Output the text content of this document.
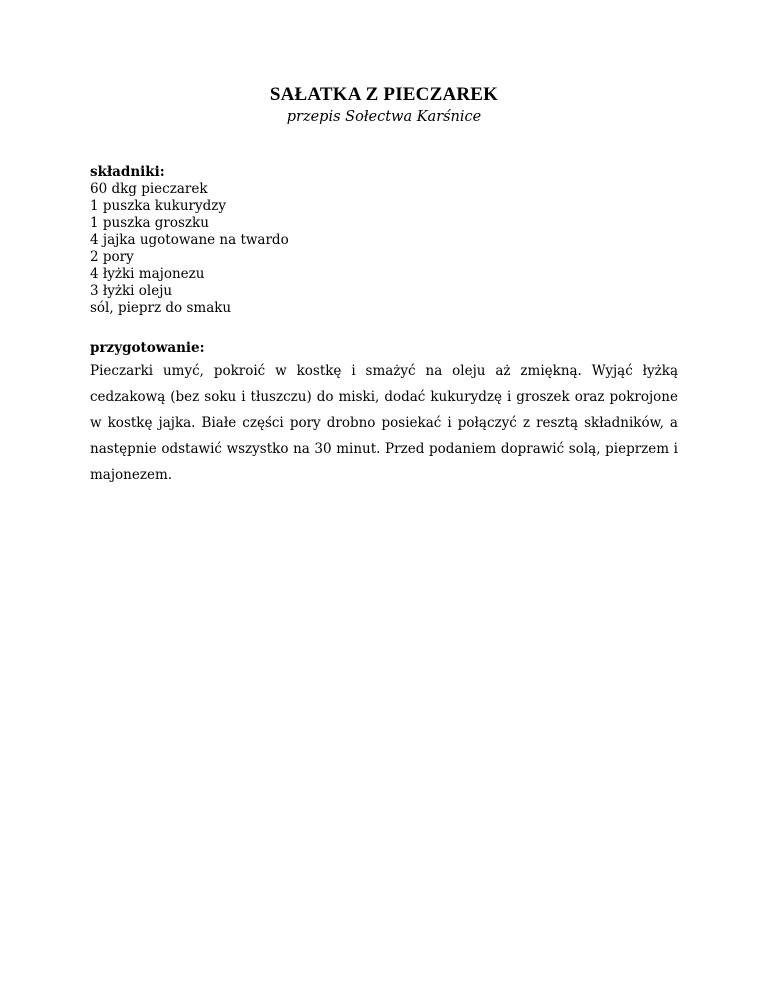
SAŁATKA Z PIECZAREK
przepis Sołectwa Karśnice
składniki:
60 dkg pieczarek
1 puszka kukurydzy
1 puszka groszku
4 jajka ugotowane na twardo
2 pory
4 łyżki majonezu
3 łyżki oleju
sól, pieprz do smaku
przygotowanie:

Pieczarki umyć, pokroić w kostkę i smażyć na oleju aż zmiękną. Wyjąć łyżką cedzakową (bez soku i tłuszczu) do miski, dodać kukurydzę i groszek oraz pokrojone w kostkę jajka. Białe części pory drobno posiekać i połączyć z resztą składników, a następnie odstawić wszystko na 30 minut. Przed podaniem doprawić solą, pieprzem i majonezem.
